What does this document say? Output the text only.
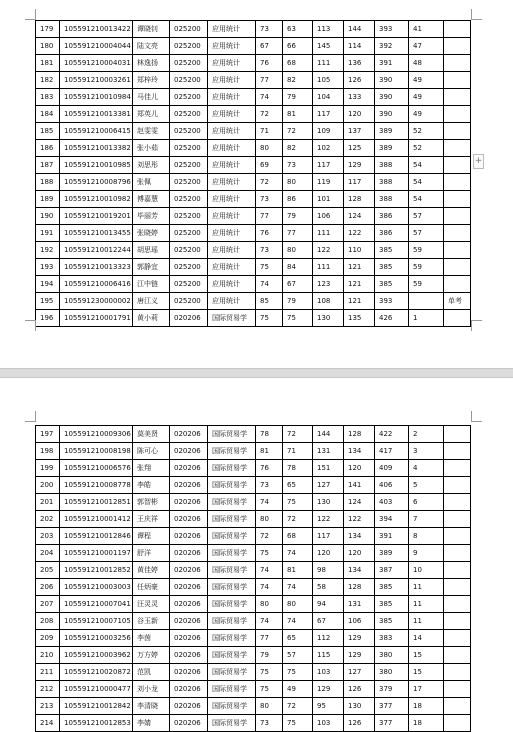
179	105591210013422	谭晓钊	025200	应用统计	73	63	113	144	393	41	
180	105591210004044	陆文亮	025200	应用统计	67	66	145	114	392	47	
181	105591210004031	林逸扬	025200	应用统计	76	68	111	136	391	48	
182	105591210003261	郑梓玲	025200	应用统计	77	82	105	126	390	49	
183	105591210010984	马佳儿	025200	应用统计	74	79	104	133	390	49	
184	105591210013381	郑英儿	025200	应用统计	72	81	117	120	390	49	
185	105591210006415	赵雯雯	025200	应用统计	71	72	109	137	389	52	
186	105591210013382	张小茹	025200	应用统计	80	82	102	125	389	52	
187	105591210010985	刘思彤	025200	应用统计	69	73	117	129	388	54	
188	105591210008796	张佩	025200	应用统计	72	80	119	117	388	54	
189	105591210010982	傅嘉慧	025200	应用统计	73	86	101	128	388	54	
190	105591210019201	毕丽芳	025200	应用统计	77	79	106	124	386	57	
191	105591210013455	张晓婷	025200	应用统计	76	77	111	122	386	57	
192	105591210012244	胡思瑶	025200	应用统计	73	80	122	110	385	59	
193	105591210013323	郭静宜	025200	应用统计	75	84	111	121	385	59	
194	105591210006416	江中链	025200	应用统计	74	67	123	121	385	59	
195	105591230000002	唐江义	025200	应用统计	85	79	108	121	393		单考
196	105591210001791	黄小莉	020206	国际贸易学	75	75	130	135	426	1	
+
197	105591210009306	莫美贤	020206	国际贸易学	78	72	144	128	422	2	
198	105591210008198	陈可心	020206	国际贸易学	81	71	131	134	417	3	
199	105591210006576	张翔	020206	国际贸易学	76	78	151	120	409	4	
200	105591210008778	李皓	020206	国际贸易学	73	65	127	141	406	5	
201	105591210012851	郭智彬	020206	国际贸易学	74	75	130	124	403	6	
202	105591210001412	王庆祥	020206	国际贸易学	80	72	122	122	394	7	
203	105591210012846	谭程	020206	国际贸易学	72	68	117	134	391	8	
204	105591210001197	舒洋	020206	国际贸易学	75	74	120	120	389	9	
205	105591210012852	黄佳婷	020206	国际贸易学	74	81	98	134	387	10	
206	105591210003003	任炳豪	020206	国际贸易学	74	74	58	128	385	11	
207	105591210007041	汪灵灵	020206	国际贸易学	80	80	94	131	385	11	
208	105591210007105	谷玉新	020206	国际贸易学	74	74	67	106	385	11	
209	105591210003256	李茵	020206	国际贸易学	77	65	112	129	383	14	
210	105591210003962	万方婷	020206	国际贸易学	79	57	115	129	380	15	
211	105591210020872	范凯	020206	国际贸易学	75	75	103	127	380	15	
212	105591210000477	刘小龙	020206	国际贸易学	75	49	129	126	379	17	
213	105591210012842	李清晓	020206	国际贸易学	80	72	95	130	377	18	
214	105591210012853	李婧	020206	国际贸易学	73	75	103	126	377	18	
